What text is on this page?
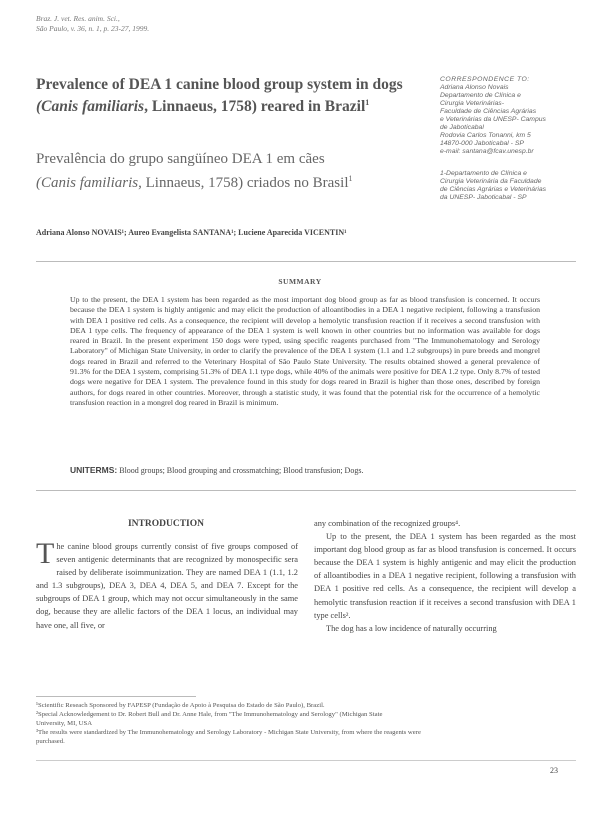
Braz. J. vet. Res. anim. Sci.,
São Paulo, v. 36, n. 1, p. 23-27, 1999.
Prevalence of DEA 1 canine blood group system in dogs
(Canis familiaris, Linnaeus, 1758) reared in Brazil$^1$
Prevalência do grupo sangüíneo DEA 1 em cães
(Canis familiaris, Linnaeus, 1758) criados no Brasil$^1$
CORRESPONDENCE TO:
Adriana Alonso Novais
Departamento de Clínica e
Cirurgia Veterinárias-
Faculdade de Ciências Agrárias
e Veterinárias da UNESP- Campus
de Jaboticabal
Rodovia Carlos Tonanni, km 5
14870-000 Jaboticabal - SP
e-mail: santana@fcav.unesp.br
1-Departamento de Clínica e
Cirurgia Veterinária da Faculdade
de Ciências Agrárias e Veterinárias
da UNESP- Jaboticabal - SP
Adriana Alonso NOVAIS¹; Aureo Evangelista SANTANA¹; Luciene Aparecida VICENTIN¹
SUMMARY
Up to the present, the DEA 1 system has been regarded as the most important dog blood group as far as blood transfusion is concerned. It occurs because the DEA 1 system is highly antigenic and may elicit the production of alloantibodies in a DEA 1 negative recipient, following a transfusion with DEA 1 positive red cells. As a consequence, the recipient will develop a hemolytic transfusion reaction if it receives a second transfusion with DEA 1 type cells. The frequency of appearance of the DEA 1 system is well known in other countries but no information was available for dogs reared in Brazil. In the present experiment 150 dogs were typed, using specific reagents purchased from "The Immunohematology and Serology Laboratory" of Michigan State University, in order to clarify the prevalence of the DEA 1 system (1.1 and 1.2 subgroups) in pure breeds and mongrel dogs reared in Brazil and referred to the Veterinary Hospital of São Paulo State University. The results obtained showed a general prevalence of 91.3% for the DEA 1 system, comprising 51.3% of DEA 1.1 type dogs, while 40% of the animals were positive for DEA 1.2 type. Only 8.7% of tested dogs were negative for DEA 1 system. The prevalence found in this study for dogs reared in Brazil is higher than those ones, described by foreign authors, for dogs reared in other countries. Moreover, through a statistic study, it was found that the potential risk for the occurrence of a hemolytic transfusion reaction in a mongrel dog reared in Brazil is minimum.
UNITERMS: Blood groups; Blood grouping and crossmatching; Blood transfusion; Dogs.
INTRODUCTION
The canine blood groups currently consist of five groups composed of seven antigenic determinants that are recognized by monospecific sera raised by deliberate isoimmunization. They are named DEA 1 (1.1, 1.2 and 1.3 subgroups), DEA 3, DEA 4, DEA 5, and DEA 7. Except for the subgroups of DEA 1 group, which may not occur simultaneously in the same dog, because they are allelic factors of the DEA 1 locus, an individual may have one, all five, or

any combination of the recognized groups⁴.

Up to the present, the DEA 1 system has been regarded as the most important dog blood group as far as blood transfusion is concerned. It occurs because the DEA 1 system is highly antigenic and may elicit the production of alloantibodies in a DEA 1 negative recipient, following a transfusion with DEA 1 positive red cells. As a consequence, the recipient will develop a hemolytic transfusion reaction if it receives a second transfusion with DEA 1 type cells².

The dog has a low incidence of naturally occurring

¹Scientific Reseach Sponsored by FAPESP (Fundação de Apoio à Pesquisa do Estado de São Paulo), Brazil.

²Special Acknowledgement to Dr. Robert Bull and Dr. Anne Hale, from "The Immunohematology and Serology" (Michigan State

University, MI, USA

³The results were standardized by The Immunohematology and Serology Laboratory - Michigan State University, from where the reagents were

purchased.

23
